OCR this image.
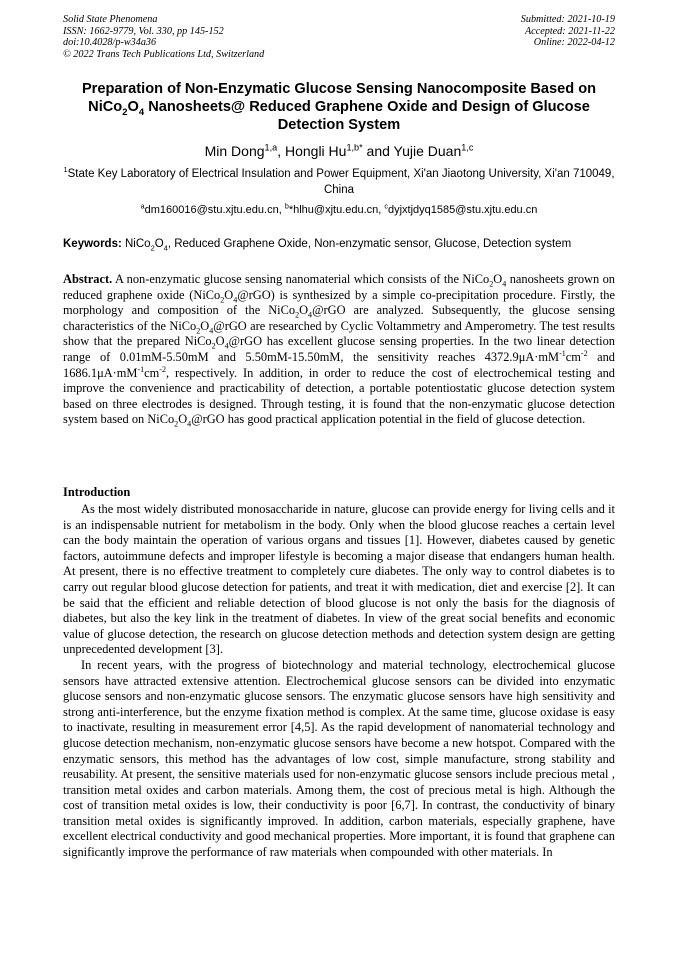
Solid State Phenomena
ISSN: 1662-9779, Vol. 330, pp 145-152
doi:10.4028/p-w34a36
© 2022 Trans Tech Publications Ltd, Switzerland
Submitted: 2021-10-19
Accepted: 2021-11-22
Online: 2022-04-12
Preparation of Non-Enzymatic Glucose Sensing Nanocomposite Based on $NiCo_2O_4$ Nanosheets@ Reduced Graphene Oxide and Design of Glucose Detection System
Min Dong$^{1,a}$, Hongli $Hu^{1,b*}$ and Yujie Duan$^{1,c}$
$^1$State Key Laboratory of Electrical Insulation and Power Equipment, Xi'an Jiaotong University, Xi'an 710049, China
$^a$dm160016@stu.xjtu.edu.cn, $^b$*hlhu@xjtu.edu.cn, $^c$dyjxtjdyq1585@stu.xjtu.edu.cn
Keywords: $NiCo_2O_4$, Reduced Graphene Oxide, Non-enzymatic sensor, Glucose, Detection system
Abstract. A non-enzymatic glucose sensing nanomaterial which consists of the $NiCo_2O_4$ nanosheets grown on reduced graphene oxide $(NiCo_2O_4@rGO)$ is synthesized by a simple co-precipitation procedure. Firstly, the morphology and composition of the $NiCo_2O_4@rGO$ are analyzed. Subsequently, the glucose sensing characteristics of the $NiCo_2O_4@rGO$ are researched by Cyclic Voltammetry and Amperometry. The test results show that the prepared $NiCo_2O_4@rGO$ has excellent glucose sensing properties. In the two linear detection range of 0.01mM-5.50mM and 5.50mM-15.50mM, the sensitivity reaches $4372.9\mu A\cdot mM^{-1}cm^{-2}$ and $1686.1\mu A\cdot mM^{-1}cm^{-2}$, respectively. In addition, in order to reduce the cost of electrochemical testing and improve the convenience and practicability of detection, a portable potentiostatic glucose detection system based on three electrodes is designed. Through testing, it is found that the non-enzymatic glucose detection system based on $NiCo_2O_4@rGO$ has good practical application potential in the field of glucose detection.
Introduction

As the most widely distributed monosaccharide in nature, glucose can provide energy for living cells and it is an indispensable nutrient for metabolism in the body. Only when the blood glucose reaches a certain level can the body maintain the operation of various organs and tissues [1]. However, diabetes caused by genetic factors, autoimmune defects and improper lifestyle is becoming a major disease that endangers human health. At present, there is no effective treatment to completely cure diabetes. The only way to control diabetes is to carry out regular blood glucose detection for patients, and treat it with medication, diet and exercise [2]. It can be said that the efficient and reliable detection of blood glucose is not only the basis for the diagnosis of diabetes, but also the key link in the treatment of diabetes. In view of the great social benefits and economic value of glucose detection, the research on glucose detection methods and detection system design are getting unprecedented development [3].

In recent years, with the progress of biotechnology and material technology, electrochemical glucose sensors have attracted extensive attention. Electrochemical glucose sensors can be divided into enzymatic glucose sensors and non-enzymatic glucose sensors. The enzymatic glucose sensors have high sensitivity and strong anti-interference, but the enzyme fixation method is complex. At the same time, glucose oxidase is easy to inactivate, resulting in measurement error [4,5]. As the rapid development of nanomaterial technology and glucose detection mechanism, non-enzymatic glucose sensors have become a new hotspot. Compared with the enzymatic sensors, this method has the advantages of low cost, simple manufacture, strong stability and reusability. At present, the sensitive materials used for non-enzymatic glucose sensors include precious metal , transition metal oxides and carbon materials. Among them, the cost of precious metal is high. Although the cost of transition metal oxides is low, their conductivity is poor [6,7]. In contrast, the conductivity of binary transition metal oxides is significantly improved. In addition, carbon materials, especially graphene, have excellent electrical conductivity and good mechanical properties. More important, it is found that graphene can significantly improve the performance of raw materials when compounded with other materials. In
